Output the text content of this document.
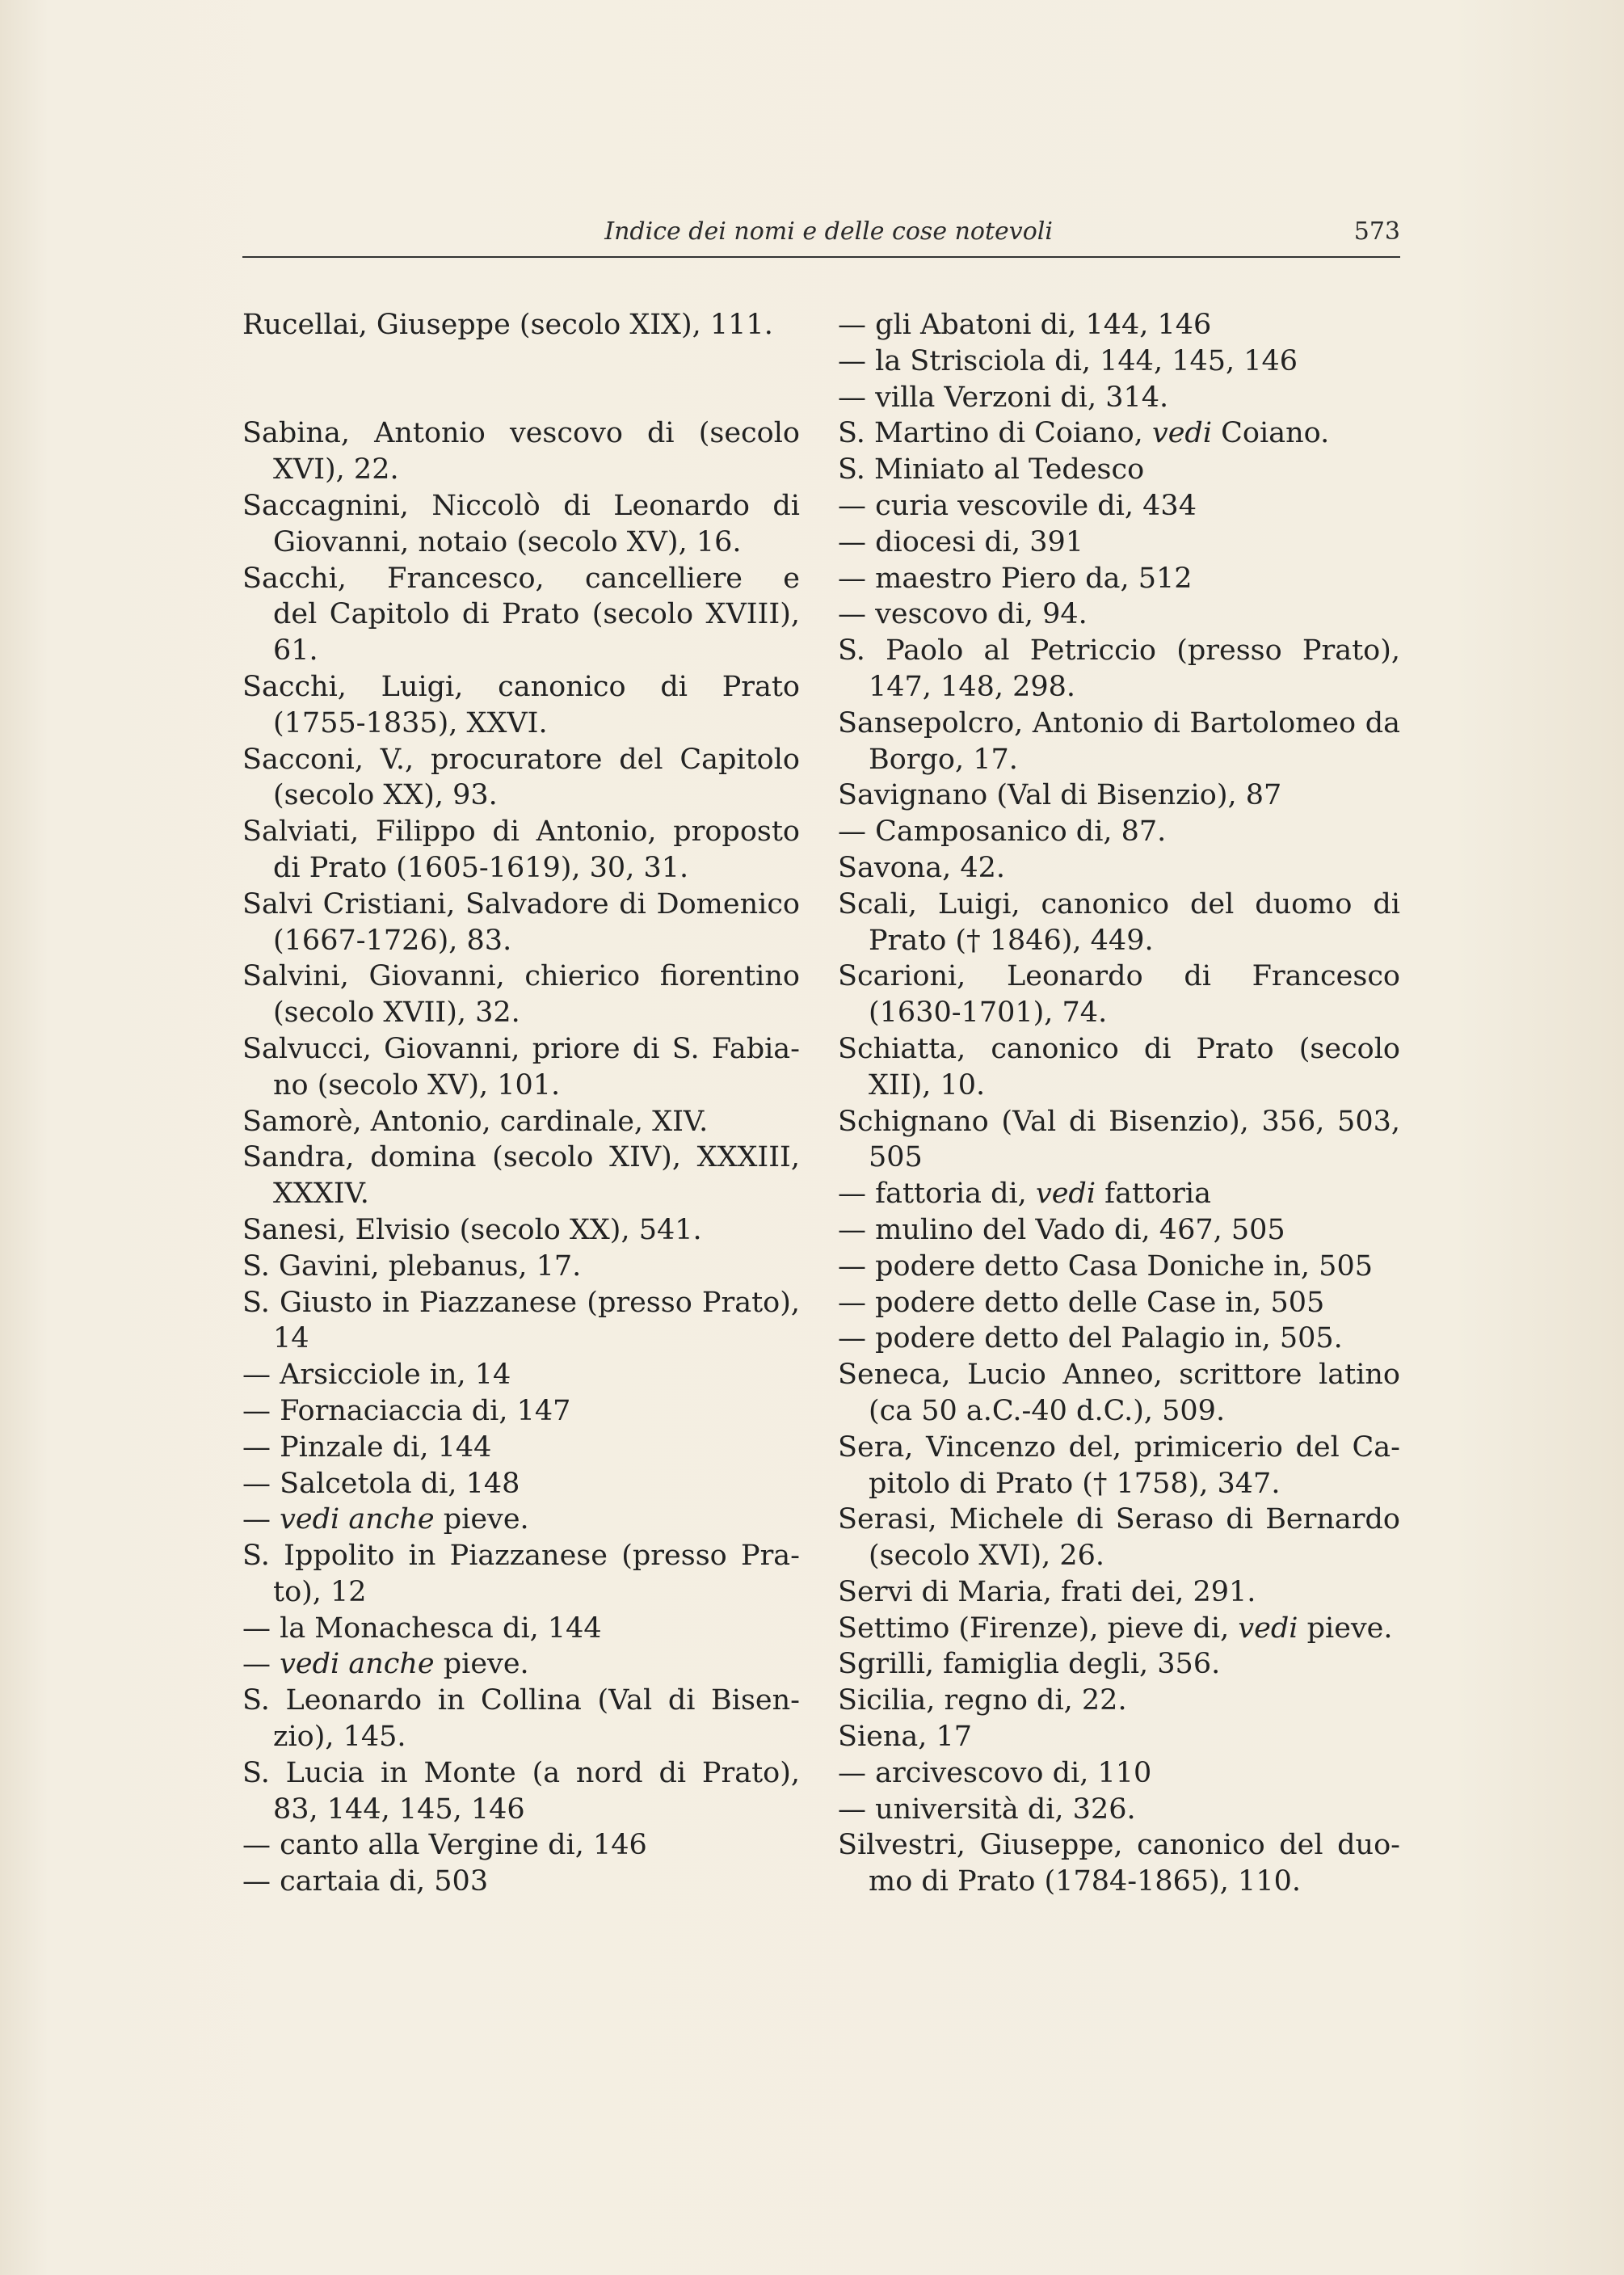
Indice dei nomi e delle cose notevoli	573
Rucellai, Giuseppe (secolo XIX), 111.
Sabina, Antonio vescovo di (secolo
XVI), 22.
Saccagnini, Niccolò di Leonardo di
Giovanni, notaio (secolo XV), 16.
Sacchi, Francesco, cancelliere e
del Capitolo di Prato (secolo XVIII),
61.
Sacchi, Luigi, canonico di Prato
(1755-1835), XXVI.
Sacconi, V., procuratore del Capitolo
(secolo XX), 93.
Salviati, Filippo di Antonio, proposto
di Prato (1605-1619), 30, 31.
Salvi Cristiani, Salvadore di Domenico
(1667-1726), 83.
Salvini, Giovanni, chierico fiorentino
(secolo XVII), 32.
Salvucci, Giovanni, priore di S. Fabia-
no (secolo XV), 101.
Samorè, Antonio, cardinale, XIV.
Sandra, domina (secolo XIV), XXXIII,
XXXIV.
Sanesi, Elvisio (secolo XX), 541.
S. Gavini, plebanus, 17.
S. Giusto in Piazzanese (presso Prato),
14
— Arsicciole in, 14
— Fornaciaccia di, 147
— Pinzale di, 144
— Salcetola di, 148
— vedi anche pieve.
S. Ippolito in Piazzanese (presso Pra-
to), 12
— la Monachesca di, 144
— vedi anche pieve.
S. Leonardo in Collina (Val di Bisen-
zio), 145.
S. Lucia in Monte (a nord di Prato),
83, 144, 145, 146
— canto alla Vergine di, 146
— cartaia di, 503
— gli Abatoni di, 144, 146
— la Strisciola di, 144, 145, 146
— villa Verzoni di, 314.
S. Martino di Coiano, vedi Coiano.
S. Miniato al Tedesco
— curia vescovile di, 434
— diocesi di, 391
— maestro Piero da, 512
— vescovo di, 94.
S. Paolo al Petriccio (presso Prato),
147, 148, 298.
Sansepolcro, Antonio di Bartolomeo da
Borgo, 17.
Savignano (Val di Bisenzio), 87
— Camposanico di, 87.
Savona, 42.
Scali, Luigi, canonico del duomo di
Prato († 1846), 449.
Scarioni, Leonardo di Francesco
(1630-1701), 74.
Schiatta, canonico di Prato (secolo
XII), 10.
Schignano (Val di Bisenzio), 356, 503,
505
— fattoria di, vedi fattoria
— mulino del Vado di, 467, 505
— podere detto Casa Doniche in, 505
— podere detto delle Case in, 505
— podere detto del Palagio in, 505.
Seneca, Lucio Anneo, scrittore latino
(ca 50 a.C.-40 d.C.), 509.
Sera, Vincenzo del, primicerio del Ca-
pitolo di Prato († 1758), 347.
Serasi, Michele di Seraso di Bernardo
(secolo XVI), 26.
Servi di Maria, frati dei, 291.
Settimo (Firenze), pieve di, vedi pieve.
Sgrilli, famiglia degli, 356.
Sicilia, regno di, 22.
Siena, 17
— arcivescovo di, 110
— università di, 326.
Silvestri, Giuseppe, canonico del duo-
mo di Prato (1784-1865), 110.
